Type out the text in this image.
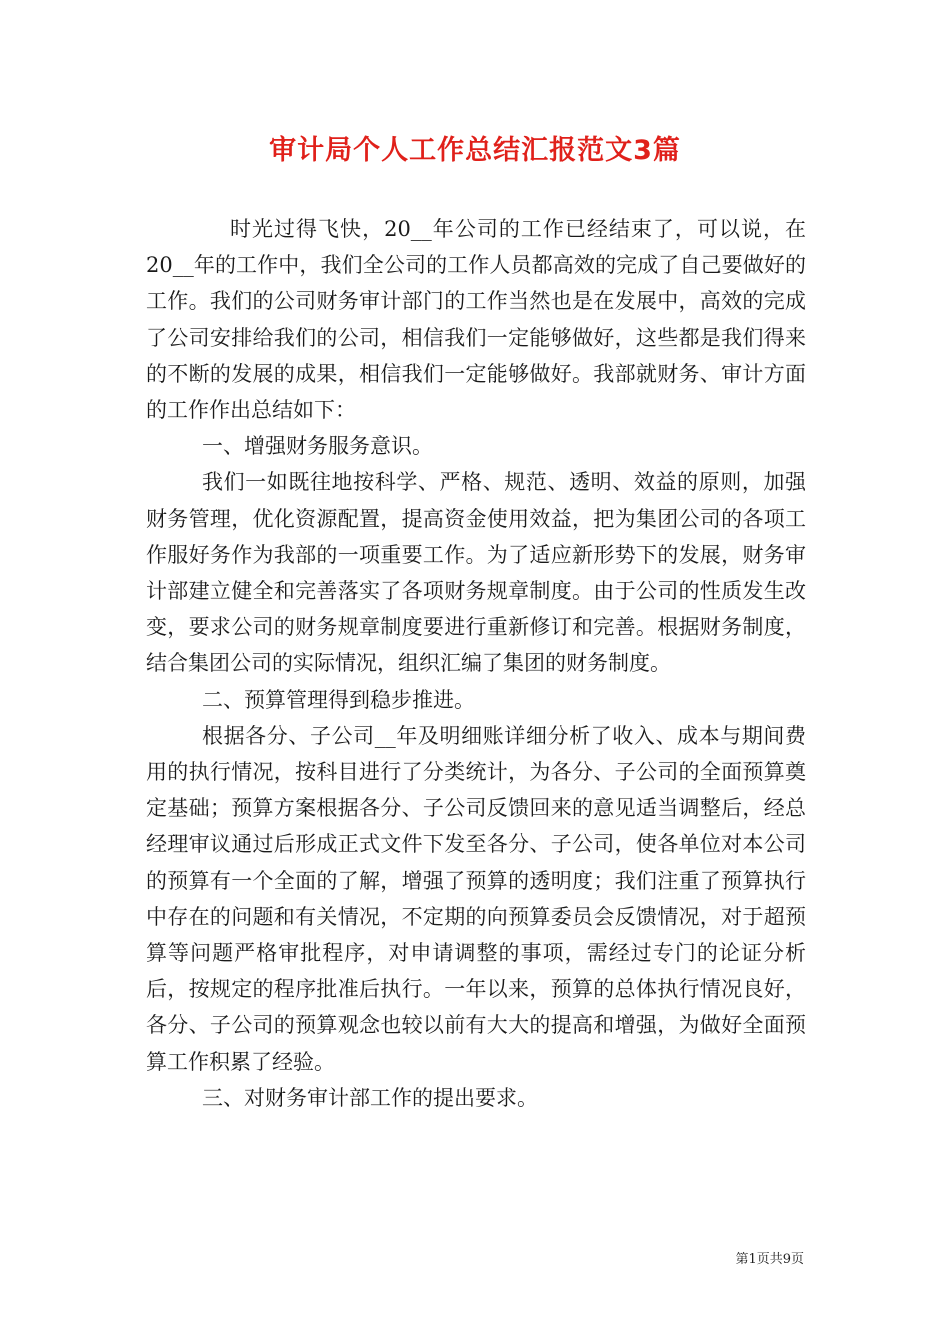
审计局个人工作总结汇报范文3篇

时光过得飞快，20__年公司的工作已经结束了，可以说，在20__年的工作中，我们全公司的工作人员都高效的完成了自己要做好的工作。我们的公司财务审计部门的工作当然也是在发展中，高效的完成了公司安排给我们的公司，相信我们一定能够做好，这些都是我们得来的不断的发展的成果，相信我们一定能够做好。我部就财务、审计方面的工作作出总结如下：

一、增强财务服务意识。

我们一如既往地按科学、严格、规范、透明、效益的原则，加强财务管理，优化资源配置，提高资金使用效益，把为集团公司的各项工作服好务作为我部的一项重要工作。为了适应新形势下的发展，财务审计部建立健全和完善落实了各项财务规章制度。由于公司的性质发生改变，要求公司的财务规章制度要进行重新修订和完善。根据财务制度，结合集团公司的实际情况，组织汇编了集团的财务制度。

二、预算管理得到稳步推进。

根据各分、子公司__年及明细账详细分析了收入、成本与期间费用的执行情况，按科目进行了分类统计，为各分、子公司的全面预算奠定基础；预算方案根据各分、子公司反馈回来的意见适当调整后，经总经理审议通过后形成正式文件下发至各分、子公司，使各单位对本公司的预算有一个全面的了解，增强了预算的透明度；我们注重了预算执行中存在的问题和有关情况，不定期的向预算委员会反馈情况，对于超预算等问题严格审批程序，对申请调整的事项，需经过专门的论证分析后，按规定的程序批准后执行。一年以来，预算的总体执行情况良好，各分、子公司的预算观念也较以前有大大的提高和增强，为做好全面预算工作积累了经验。

三、对财务审计部工作的提出要求。

第1页共9页
